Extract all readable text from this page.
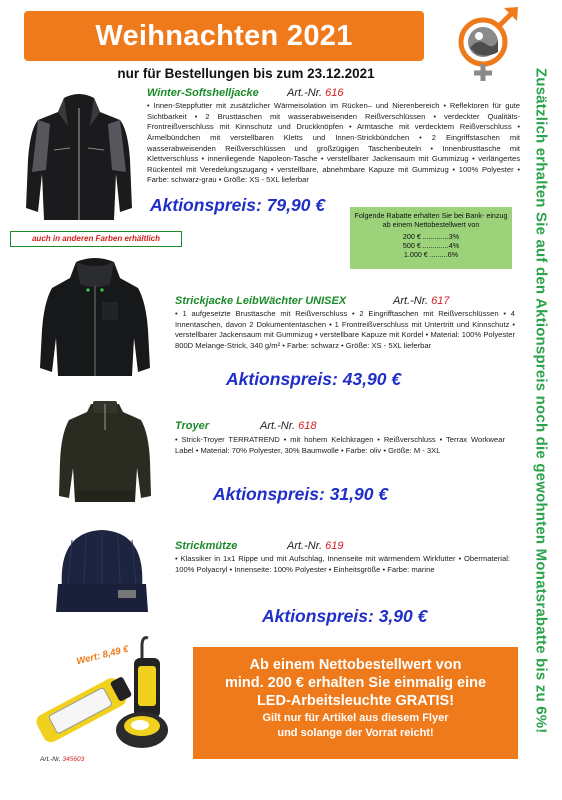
Weihnachten 2021
nur für Bestellungen bis zum 23.12.2021	Zusätzlich erhalten Sie auf den Aktionspreis noch die gewohnten Monatsrabatte bis zu 6%!
Winter-Softshelljacke	Art.-Nr. 616
• Innen-Steppfutter mit zusätzlicher Wärmeisolation im Rücken– und Nierenbereich • Reflektoren für gute Sichtbarkeit • 2 Brusttaschen mit wasserabweisenden Reißverschlüssen • verdeckter Qualitäts-Frontreißverschluss mit Kinnschutz und Druckknöpfen • Armtasche mit verdecktem Reißverschluss • Ärmelbündchen mit verstellbaren Kletts und Innen-Strickbündchen • 2 Eingriffstaschen mit wasserabweisenden Reißverschlüssen und großzügigen Taschenbeuteln • Innenbrusttasche mit Klettverschluss • innenliegende Napoleon-Tasche • verstellbarer Jackensaum mit Gummizug • verlängertes Rückenteil mit Veredelungszugang • verstellbare, abnehmbare Kapuze mit Gummizug • 100% Polyester • Farbe: schwarz-grau • Größe: XS - 5XL lieferbar
Aktionspreis: 79,90 €
auch in anderen Farben erhältlich
Folgende Rabatte erhalten Sie bei Bank- einzug ab einem Nettobestellwert von
200 € .............3%
500 € .............4%
1.000 € .........6%
Strickjacke LeibWächter UNISEX	Art.-Nr. 617
• 1 aufgesetzte Brusttasche mit Reißverschluss • 2 Eingrifftaschen mit Reißverschlüssen • 4 Innentaschen, davon 2 Dokumententaschen • 1 Frontreißverschluss mit Untertritt und Kinnschutz • verstellbarer Jackensaum mit Gummizug • verstellbare Kapuze mit Kordel • Material: 100% Polyester 800D Melange-Strick, 340 g/m² • Farbe: schwarz • Größe: XS - 5XL lieferbar
Aktionspreis: 43,90 €
Troyer	Art.-Nr. 618
• Strick-Troyer TERRATREND • mit hohem Kelchkragen • Reißverschluss • Terrax Workwear Label • Material: 70% Polyester, 30% Baumwolle • Farbe: oliv • Größe: M - 3XL
Aktionspreis: 31,90 €
Strickmütze	Art.-Nr. 619
• Klassiker in 1x1 Rippe und mit Aufschlag, Innenseite mit wärmendem Wirkfutter • Obermaterial: 100% Polyacryl • Innenseite: 100% Polyester • Einheitsgröße • Farbe: marine
Aktionspreis: 3,90 €
Wert: 8,49 €
Art.-Nr. 345603
Ab einem Nettobestellwert von
mind. 200 € erhalten Sie einmalig eine
LED-Arbeitsleuchte GRATIS!
Gilt nur für Artikel aus diesem Flyer
und solange der Vorrat reicht!
